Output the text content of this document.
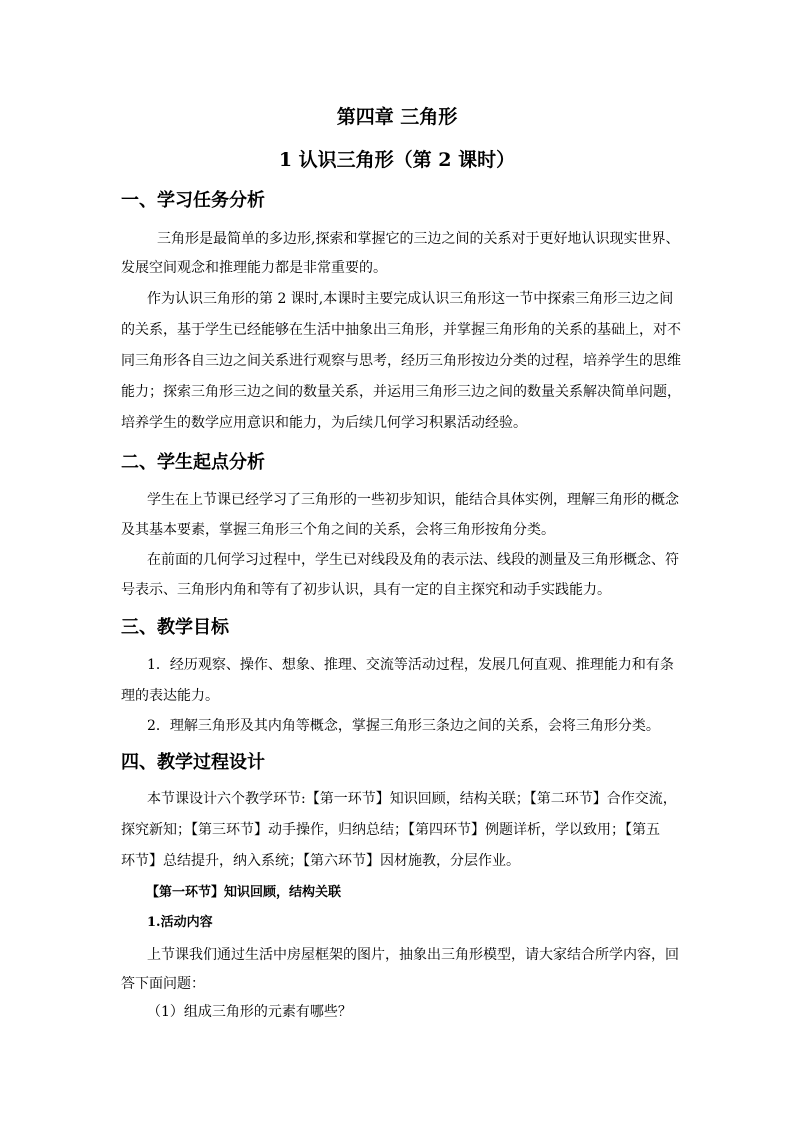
第四章 三角形
1 认识三角形（第 2 课时）
一、学习任务分析
三角形是最简单的多边形,探索和掌握它的三边之间的关系对于更好地认识现实世界、
发展空间观念和推理能力都是非常重要的。
作为认识三角形的第 2 课时,本课时主要完成认识三角形这一节中探索三角形三边之间
的关系，基于学生已经能够在生活中抽象出三角形，并掌握三角形角的关系的基础上，对不
同三角形各自三边之间关系进行观察与思考，经历三角形按边分类的过程，培养学生的思维
能力；探索三角形三边之间的数量关系，并运用三角形三边之间的数量关系解决简单问题，
培养学生的数学应用意识和能力，为后续几何学习积累活动经验。
二、学生起点分析
学生在上节课已经学习了三角形的一些初步知识，能结合具体实例，理解三角形的概念
及其基本要素，掌握三角形三个角之间的关系，会将三角形按角分类。
在前面的几何学习过程中，学生已对线段及角的表示法、线段的测量及三角形概念、符
号表示、三角形内角和等有了初步认识，具有一定的自主探究和动手实践能力。
三、教学目标
1．经历观察、操作、想象、推理、交流等活动过程，发展几何直观、推理能力和有条
理的表达能力。
2．理解三角形及其内角等概念，掌握三角形三条边之间的关系，会将三角形分类。
四、教学过程设计
本节课设计六个教学环节:【第一环节】知识回顾，结构关联；【第二环节】合作交流，
探究新知；【第三环节】动手操作，归纳总结；【第四环节】例题详析，学以致用；【第五
环节】总结提升，纳入系统；【第六环节】因材施教，分层作业。
【第一环节】知识回顾，结构关联
1.活动内容
上节课我们通过生活中房屋框架的图片，抽象出三角形模型，请大家结合所学内容，回
答下面问题：
（1）组成三角形的元素有哪些？
